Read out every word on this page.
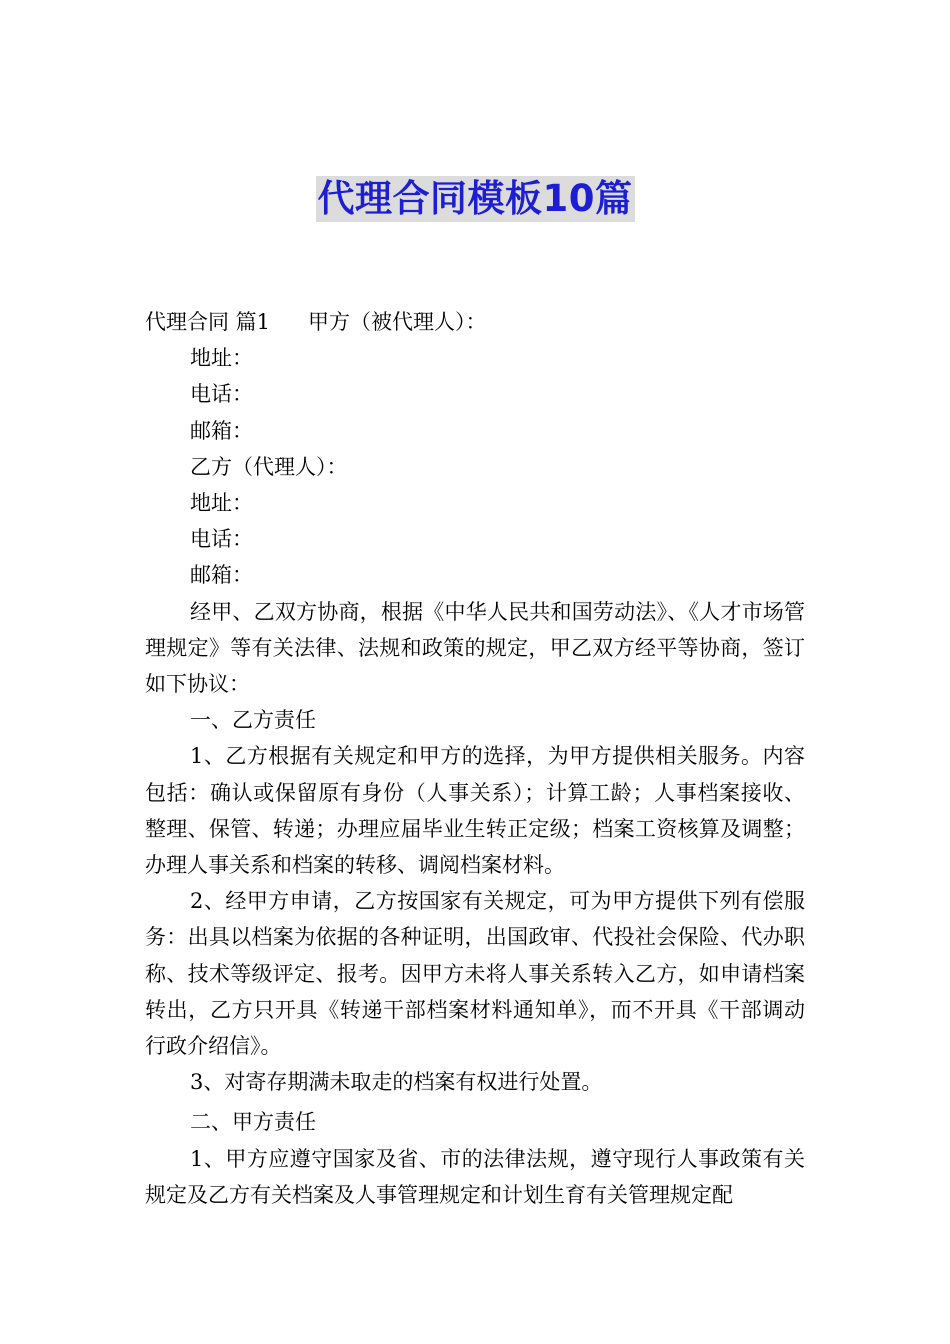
代理合同模板10篇
代理合同 篇1 甲方（被代理人）：
地址：
电话：
邮箱：
乙方（代理人）：
地址：
电话：
邮箱：

经甲、乙双方协商，根据《中华人民共和国劳动法》、《人才市场管理规定》等有关法律、法规和政策的规定，甲乙双方经平等协商，签订如下协议：

一、乙方责任

1、乙方根据有关规定和甲方的选择，为甲方提供相关服务。内容包括：确认或保留原有身份（人事关系）；计算工龄；人事档案接收、整理、保管、转递；办理应届毕业生转正定级；档案工资核算及调整；办理人事关系和档案的转移、调阅档案材料。

2、经甲方申请，乙方按国家有关规定，可为甲方提供下列有偿服务：出具以档案为依据的各种证明，出国政审、代投社会保险、代办职称、技术等级评定、报考。因甲方未将人事关系转入乙方，如申请档案转出，乙方只开具《转递干部档案材料通知单》，而不开具《干部调动行政介绍信》。

3、对寄存期满未取走的档案有权进行处置。

二、甲方责任

1、甲方应遵守国家及省、市的法律法规，遵守现行人事政策有关规定及乙方有关档案及人事管理规定和计划生育有关管理规定配
